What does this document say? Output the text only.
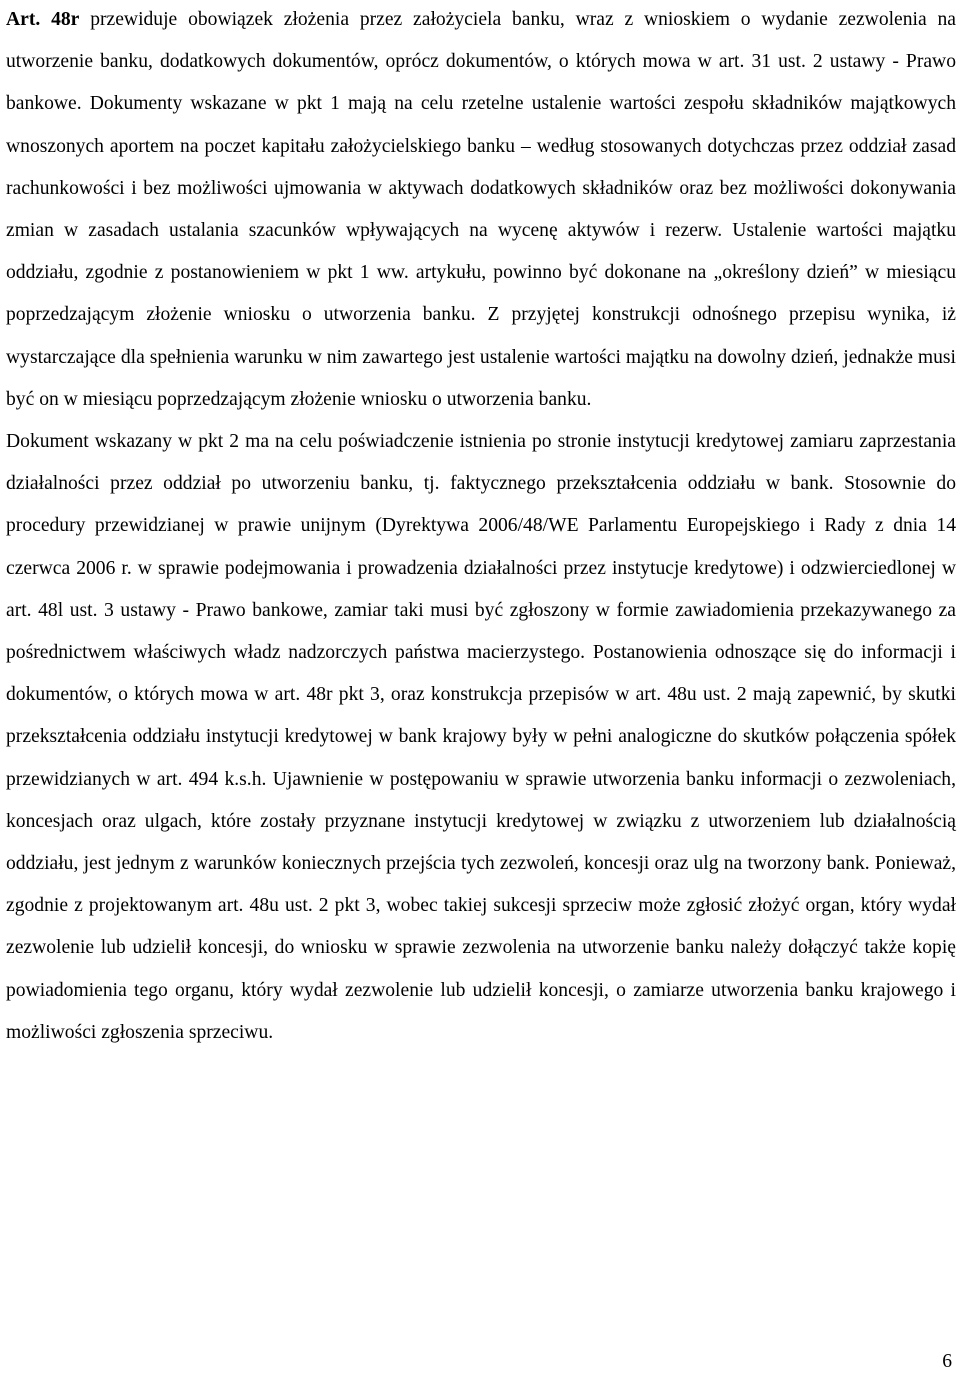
Art. 48r przewiduje obowiązek złożenia przez założyciela banku, wraz z wnioskiem o wydanie zezwolenia na utworzenie banku, dodatkowych dokumentów, oprócz dokumentów, o których mowa w art. 31 ust. 2 ustawy - Prawo bankowe. Dokumenty wskazane w pkt 1 mają na celu rzetelne ustalenie wartości zespołu składników majątkowych wnoszonych aportem na poczet kapitału założycielskiego banku – według stosowanych dotychczas przez oddział zasad rachunkowości i bez możliwości ujmowania w aktywach dodatkowych składników oraz bez możliwości dokonywania zmian w zasadach ustalania szacunków wpływających na wycenę aktywów i rezerw. Ustalenie wartości majątku oddziału, zgodnie z postanowieniem w pkt 1 ww. artykułu, powinno być dokonane na „określony dzień” w miesiącu poprzedzającym złożenie wniosku o utworzenia banku. Z przyjętej konstrukcji odnośnego przepisu wynika, iż wystarczające dla spełnienia warunku w nim zawartego jest ustalenie wartości majątku na dowolny dzień, jednakże musi być on w miesiącu poprzedzającym złożenie wniosku o utworzenia banku.

Dokument wskazany w pkt 2 ma na celu poświadczenie istnienia po stronie instytucji kredytowej zamiaru zaprzestania działalności przez oddział po utworzeniu banku, tj. faktycznego przekształcenia oddziału w bank. Stosownie do procedury przewidzianej w prawie unijnym (Dyrektywa 2006/48/WE Parlamentu Europejskiego i Rady z dnia 14 czerwca 2006 r. w sprawie podejmowania i prowadzenia działalności przez instytucje kredytowe) i odzwierciedlonej w art. 48l ust. 3 ustawy - Prawo bankowe, zamiar taki musi być zgłoszony w formie zawiadomienia przekazywanego za pośrednictwem właściwych władz nadzorczych państwa macierzystego. Postanowienia odnoszące się do informacji i dokumentów, o których mowa w art. 48r pkt 3, oraz konstrukcja przepisów w art. 48u ust. 2 mają zapewnić, by skutki przekształcenia oddziału instytucji kredytowej w bank krajowy były w pełni analogiczne do skutków połączenia spółek przewidzianych w art. 494 k.s.h. Ujawnienie w postępowaniu w sprawie utworzenia banku informacji o zezwoleniach, koncesjach oraz ulgach, które zostały przyznane instytucji kredytowej w związku z utworzeniem lub działalnością oddziału, jest jednym z warunków koniecznych przejścia tych zezwoleń, koncesji oraz ulg na tworzony bank. Ponieważ, zgodnie z projektowanym art. 48u ust. 2 pkt 3, wobec takiej sukcesji sprzeciw może zgłosić złożyć organ, który wydał zezwolenie lub udzielił koncesji, do wniosku w sprawie zezwolenia na utworzenie banku należy dołączyć także kopię powiadomienia tego organu, który wydał zezwolenie lub udzielił koncesji, o zamiarze utworzenia banku krajowego i możliwości zgłoszenia sprzeciwu.

6
